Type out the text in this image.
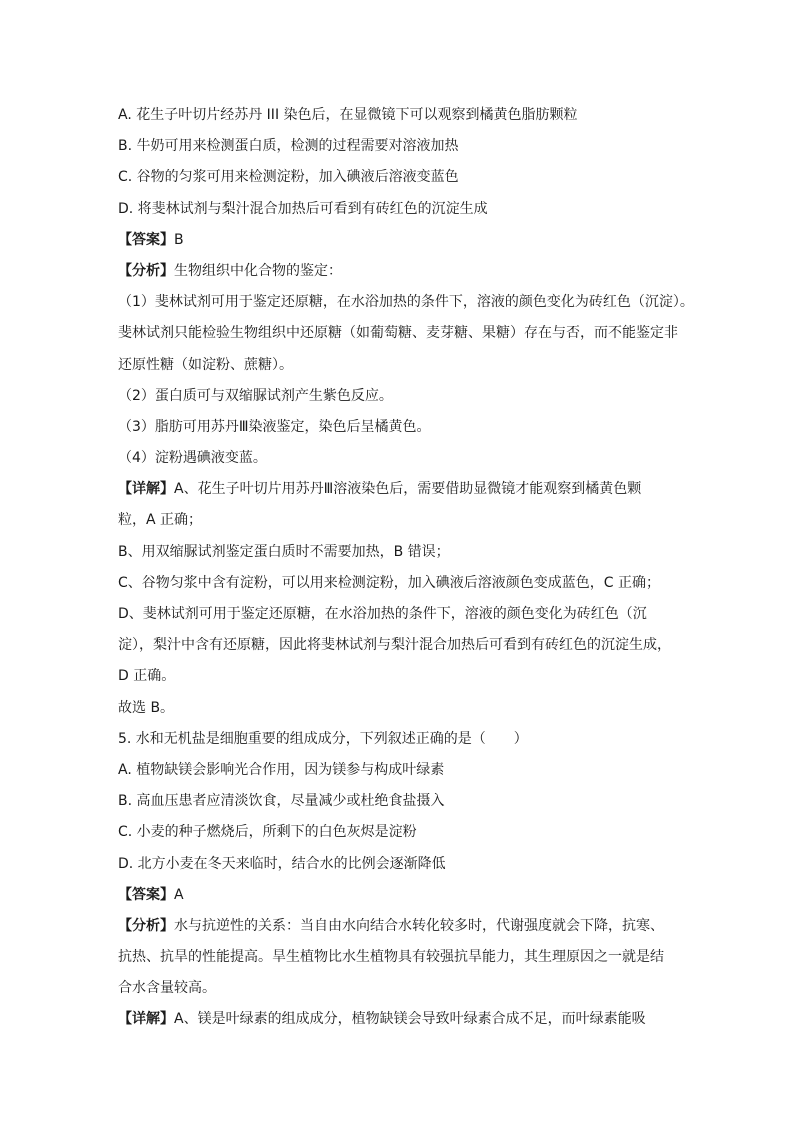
A. 花生子叶切片经苏丹 III 染色后，在显微镜下可以观察到橘黄色脂肪颗粒
B. 牛奶可用来检测蛋白质，检测的过程需要对溶液加热
C. 谷物的匀浆可用来检测淀粉，加入碘液后溶液变蓝色
D. 将斐林试剂与梨汁混合加热后可看到有砖红色的沉淀生成
【答案】B
【分析】生物组织中化合物的鉴定：
（1）斐林试剂可用于鉴定还原糖，在水浴加热的条件下，溶液的颜色变化为砖红色（沉淀）。
斐林试剂只能检验生物组织中还原糖（如葡萄糖、麦芽糖、果糖）存在与否，而不能鉴定非
还原性糖（如淀粉、蔗糖）。
（2）蛋白质可与双缩脲试剂产生紫色反应。
（3）脂肪可用苏丹Ⅲ染液鉴定，染色后呈橘黄色。
（4）淀粉遇碘液变蓝。
【详解】A、花生子叶切片用苏丹Ⅲ溶液染色后，需要借助显微镜才能观察到橘黄色颗
粒，A 正确；
B、用双缩脲试剂鉴定蛋白质时不需要加热，B 错误；
C、谷物匀浆中含有淀粉，可以用来检测淀粉，加入碘液后溶液颜色变成蓝色，C 正确；
D、斐林试剂可用于鉴定还原糖，在水浴加热的条件下，溶液的颜色变化为砖红色（沉
淀），梨汁中含有还原糖，因此将斐林试剂与梨汁混合加热后可看到有砖红色的沉淀生成，
D 正确。
故选 B。
5. 水和无机盐是细胞重要的组成成分，下列叙述正确的是（　　）
A. 植物缺镁会影响光合作用，因为镁参与构成叶绿素
B. 高血压患者应清淡饮食，尽量减少或杜绝食盐摄入
C. 小麦的种子燃烧后，所剩下的白色灰烬是淀粉
D. 北方小麦在冬天来临时，结合水的比例会逐渐降低
【答案】A
【分析】水与抗逆性的关系：当自由水向结合水转化较多时，代谢强度就会下降，抗寒、
抗热、抗旱的性能提高。旱生植物比水生植物具有较强抗旱能力，其生理原因之一就是结
合水含量较高。
【详解】A、镁是叶绿素的组成成分，植物缺镁会导致叶绿素合成不足，而叶绿素能吸
